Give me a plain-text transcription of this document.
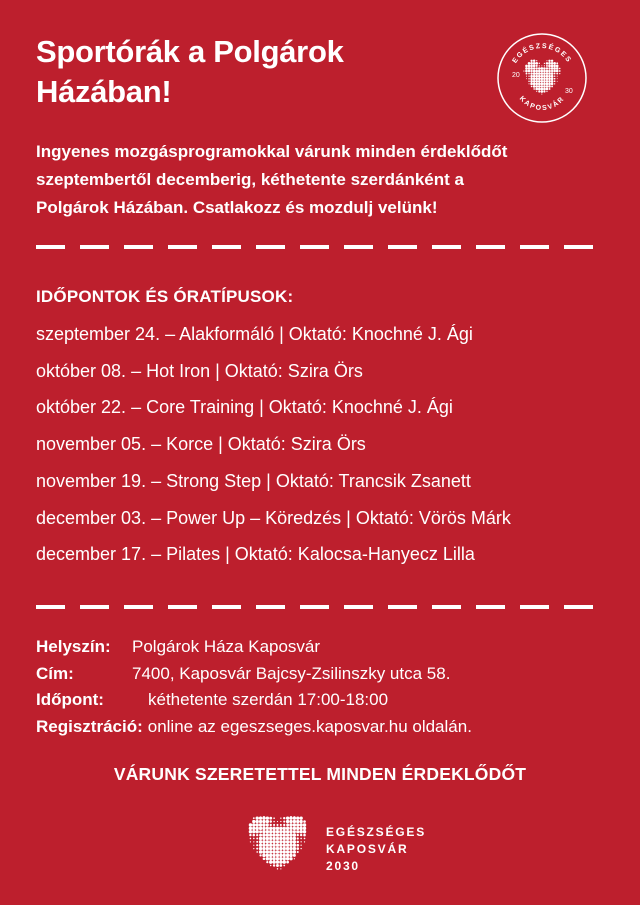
Sportórák a Polgárok
Házában!
EGÉSZSÉGES
KAPOSVÁR
20
30
Ingyenes mozgásprogramokkal várunk minden érdeklődőt
szeptembertől decemberig, kéthetente szerdánként a
Polgárok Házában. Csatlakozz és mozdulj velünk!
IDŐPONTOK ÉS ÓRATÍPUSOK:
szeptember 24. – Alakformáló | Oktató: Knochné J. Ági
október 08. – Hot Iron | Oktató: Szira Örs
október 22. – Core Training | Oktató: Knochné J. Ági
november 05. – Korce | Oktató: Szira Örs
november 19. – Strong Step | Oktató: Trancsik Zsanett
december 03. – Power Up – Köredzés | Oktató: Vörös Márk
december 17. – Pilates | Oktató: Kalocsa-Hanyecz Lilla
Helyszín: Polgárok Háza Kaposvár
Cím:	7400, Kaposvár Bajcsy-Zsilinszky utca 58.
Időpont:	kéthetente szerdán 17:00-18:00
Regisztráció: online az egeszseges.kaposvar.hu oldalán.
VÁRUNK SZERETETTEL MINDEN ÉRDEKLŐDŐT
EGÉSZSÉGES
KAPOSVÁR
2030
